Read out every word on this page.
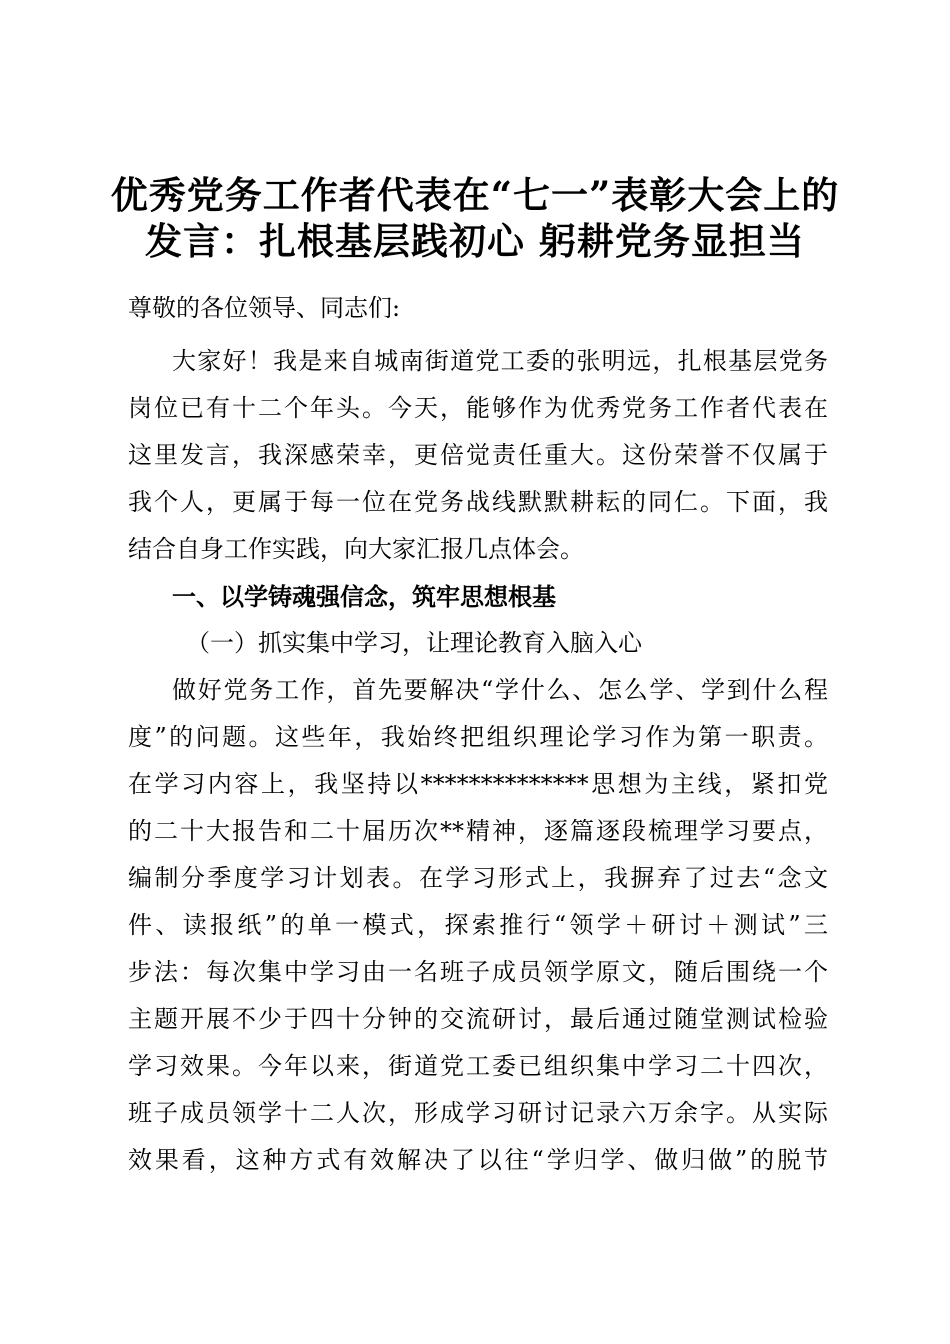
优秀党务工作者代表在“七一”表彰大会上的
发言：扎根基层践初心 躬耕党务显担当
尊敬的各位领导、同志们:
大家好！我是来自城南街道党工委的张明远，扎根基层党务
岗位已有十二个年头。今天，能够作为优秀党务工作者代表在
这里发言，我深感荣幸，更倍觉责任重大。这份荣誉不仅属于
我个人，更属于每一位在党务战线默默耕耘的同仁。下面，我
结合自身工作实践，向大家汇报几点体会。
一、以学铸魂强信念，筑牢思想根基
（一）抓实集中学习，让理论教育入脑入心
做好党务工作，首先要解决“学什么、怎么学、学到什么程
度”的问题。这些年，我始终把组织理论学习作为第一职责。
在学习内容上，我坚持以**************思想为主线，紧扣党
的二十大报告和二十届历次**精神，逐篇逐段梳理学习要点，
编制分季度学习计划表。在学习形式上，我摒弃了过去“念文
件、读报纸”的单一模式，探索推行“领学＋研讨＋测试”三
步法：每次集中学习由一名班子成员领学原文，随后围绕一个
主题开展不少于四十分钟的交流研讨，最后通过随堂测试检验
学习效果。今年以来，街道党工委已组织集中学习二十四次，
班子成员领学十二人次，形成学习研讨记录六万余字。从实际
效果看，这种方式有效解决了以往“学归学、做归做”的脱节
